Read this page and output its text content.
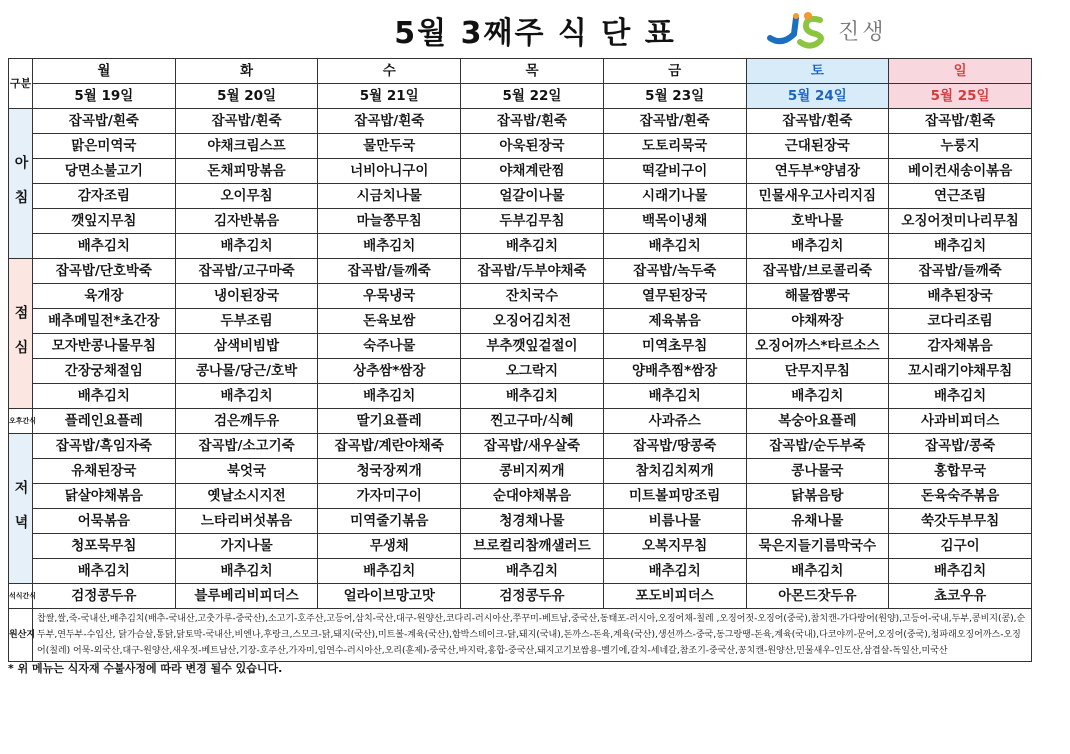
5월 3째주 식 단 표	진생
구분	월	화	수	목	금	토	일
	5월 19일	5월 20일	5월 21일	5월 22일	5월 23일	5월 24일	5월 25일
아 침	잡곡밥/흰죽	잡곡밥/흰죽	잡곡밥/흰죽	잡곡밥/흰죽	잡곡밥/흰죽	잡곡밥/흰죽	잡곡밥/흰죽
	맑은미역국	야채크림스프	물만두국	아욱된장국	도토리묵국	근대된장국	누룽지
	당면소불고기	돈채피망볶음	너비아니구이	야채계란찜	떡갈비구이	연두부*양념장	베이컨새송이볶음
	감자조림	오이무침	시금치나물	얼갈이나물	시래기나물	민물새우고사리지짐	연근조림
	깻잎지무침	김자반볶음	마늘쫑무침	두부김무침	백목이냉채	호박나물	오징어젓미나리무침
	배추김치	배추김치	배추김치	배추김치	배추김치	배추김치	배추김치
점 심	잡곡밥/단호박죽	잡곡밥/고구마죽	잡곡밥/들깨죽	잡곡밥/두부야채죽	잡곡밥/녹두죽	잡곡밥/브로콜리죽	잡곡밥/들깨죽
	육개장	냉이된장국	우묵냉국	잔치국수	열무된장국	해물짬뽕국	배추된장국
	배추메밀전*초간장	두부조림	돈육보쌈	오징어김치전	제육볶음	야채짜장	코다리조림
	모자반콩나물무침	삼색비빔밥	숙주나물	부추깻잎겉절이	미역초무침	오징어까스*타르소스	감자채볶음
	간장궁채절임	콩나물/당근/호박	상추쌈*쌈장	오그락지	양배추찜*쌈장	단무지무침	꼬시래기야채무침
	배추김치	배추김치	배추김치	배추김치	배추김치	배추김치	배추김치
오후간식	플레인요플레	검은깨두유	딸기요플레	찐고구마/식혜	사과쥬스	복숭아요플레	사과비피더스
저 녁	잡곡밥/흑임자죽	잡곡밥/소고기죽	잡곡밥/계란야채죽	잡곡밥/새우살죽	잡곡밥/땅콩죽	잡곡밥/순두부죽	잡곡밥/콩죽
	유채된장국	북엇국	청국장찌개	콩비지찌개	참치김치찌개	콩나물국	홍합무국
	닭살야채볶음	옛날소시지전	가자미구이	순대야채볶음	미트볼피망조림	닭볶음탕	돈육숙주볶음
	어묵볶음	느타리버섯볶음	미역줄기볶음	청경채나물	비름나물	유채나물	쑥갓두부무침
	청포묵무침	가지나물	무생채	브로컬리참깨샐러드	오복지무침	묵은지들기름막국수	김구이
	배추김치	배추김치	배추김치	배추김치	배추김치	배추김치	배추김치
석식간식	검정콩두유	블루베리비피더스	얼라이브망고맛	검정콩두유	포도비피더스	아몬드잣두유	쵸코우유
원산지	찹쌀,쌀,죽-국내산,배추김치(배추-국내산,고춧가루-중국산),소고기-호주산,고등어,삼치-국산,대구-원양산,코다리-러시아산,쭈꾸미-베트남,중국산,동태포-러시아,오징어채-칠레 ,오징어젓-오징어(중국),참치캔-가다랑어(원양),고등어-국내,두부,콩비지(콩),순두부,연두부-수입산, 닭가슴살,통닭,닭토막-국내산,비엔나,후랑크,스모크-닭,돼지(국산),미트볼-계육(국산),함박스테이크-닭,돼지(국내),돈까스-돈육,계육(국산),생선까스-중국,동그랑땡-돈육,계육(국내),다코야끼-문어,오징어(중국),청파래오징어까스-오징어(칠레) 어묵-외국산,대구-원양산,새우젓-베트남산,기장-호주산,가자미,임연수-러시아산,오리(훈제)-중국산,바지락,홍합-중국산,돼지고기보쌈용-벨기에,갈치-세네갈,참조기-중국산,꽁치캔-원양산,민물새우-인도산,삼겹살-독일산,미국산						
* 위 메뉴는 식자재 수불사정에 따라 변경 될수 있습니다.
